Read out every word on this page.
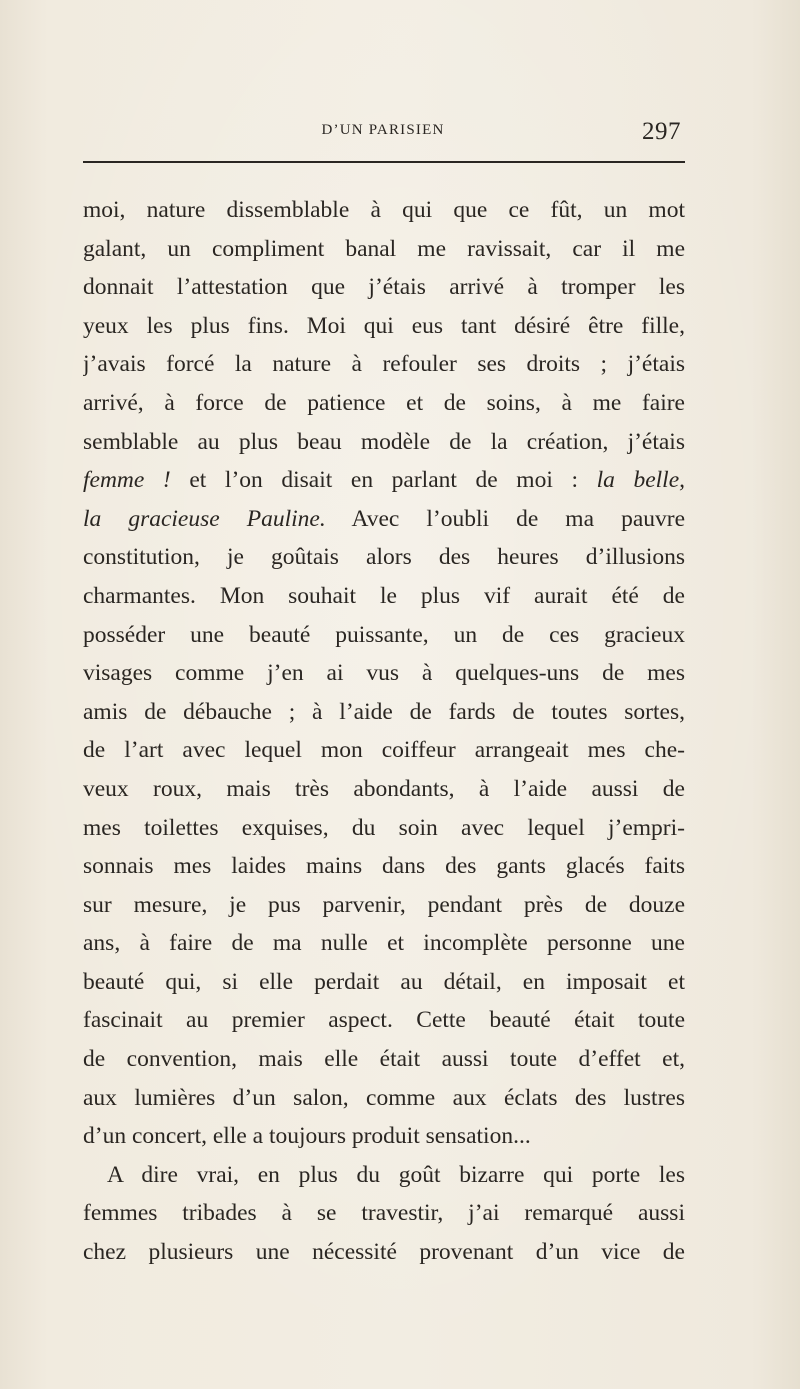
D’UN PARISIEN	297
moi, nature dissemblable à qui que ce fût, un mot
galant, un compliment banal me ravissait, car il me
donnait l’attestation que j’étais arrivé à tromper les
yeux les plus fins. Moi qui eus tant désiré être fille,
j’avais forcé la nature à refouler ses droits ; j’étais
arrivé, à force de patience et de soins, à me faire
semblable au plus beau modèle de la création, j’étais
femme ! et l’on disait en parlant de moi : la belle,
la gracieuse Pauline. Avec l’oubli de ma pauvre
constitution, je goûtais alors des heures d’illusions
charmantes. Mon souhait le plus vif aurait été de
posséder une beauté puissante, un de ces gracieux
visages comme j’en ai vus à quelques-uns de mes
amis de débauche ; à l’aide de fards de toutes sortes,
de l’art avec lequel mon coiffeur arrangeait mes che-
veux roux, mais très abondants, à l’aide aussi de
mes toilettes exquises, du soin avec lequel j’empri-
sonnais mes laides mains dans des gants glacés faits
sur mesure, je pus parvenir, pendant près de douze
ans, à faire de ma nulle et incomplète personne une
beauté qui, si elle perdait au détail, en imposait et
fascinait au premier aspect. Cette beauté était toute
de convention, mais elle était aussi toute d’effet et,
aux lumières d’un salon, comme aux éclats des lustres
d’un concert, elle a toujours produit sensation...
A dire vrai, en plus du goût bizarre qui porte les
femmes tribades à se travestir, j’ai remarqué aussi
chez plusieurs une nécessité provenant d’un vice de
